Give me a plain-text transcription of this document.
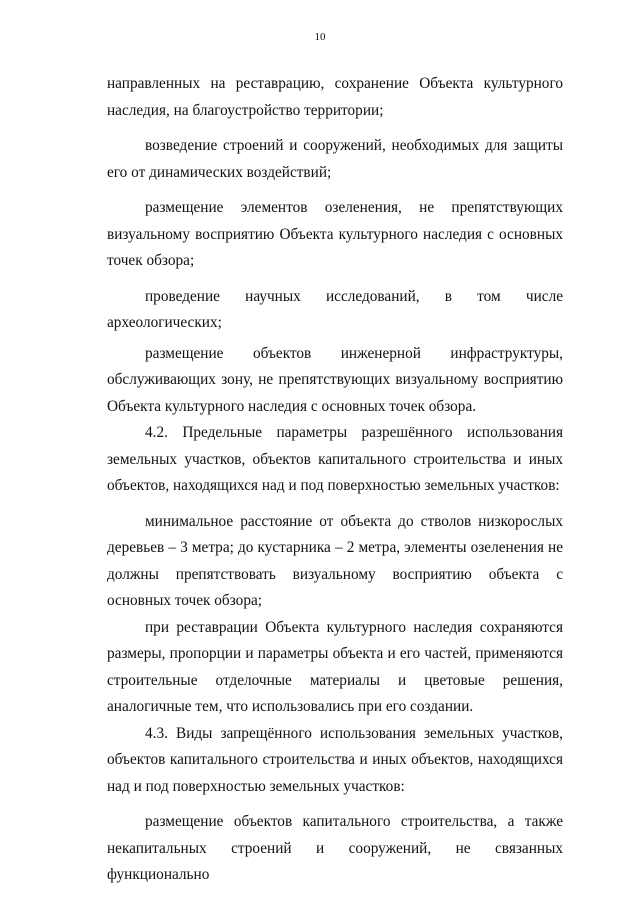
10

направленных на реставрацию, сохранение Объекта культурного наследия, на благоустройство территории;

возведение строений и сооружений, необходимых для защиты его от динамических воздействий;

размещение элементов озеленения, не препятствующих визуальному восприятию Объекта культурного наследия с основных точек обзора;

проведение научных исследований, в том числе археологических;

размещение объектов инженерной инфраструктуры, обслуживающих зону, не препятствующих визуальному восприятию Объекта культурного наследия с основных точек обзора.

4.2. Предельные параметры разрешённого использования земельных участков, объектов капитального строительства и иных объектов, находящихся над и под поверхностью земельных участков:

минимальное расстояние от объекта до стволов низкорослых деревьев – 3 метра; до кустарника – 2 метра, элементы озеленения не должны препятствовать визуальному восприятию объекта с основных точек обзора;

при реставрации Объекта культурного наследия сохраняются размеры, пропорции и параметры объекта и его частей, применяются строительные отделочные материалы и цветовые решения, аналогичные тем, что использовались при его создании.

4.3. Виды запрещённого использования земельных участков, объектов капитального строительства и иных объектов, находящихся над и под поверхностью земельных участков:

размещение объектов капитального строительства, а также некапитальных строений и сооружений, не связанных функционально
